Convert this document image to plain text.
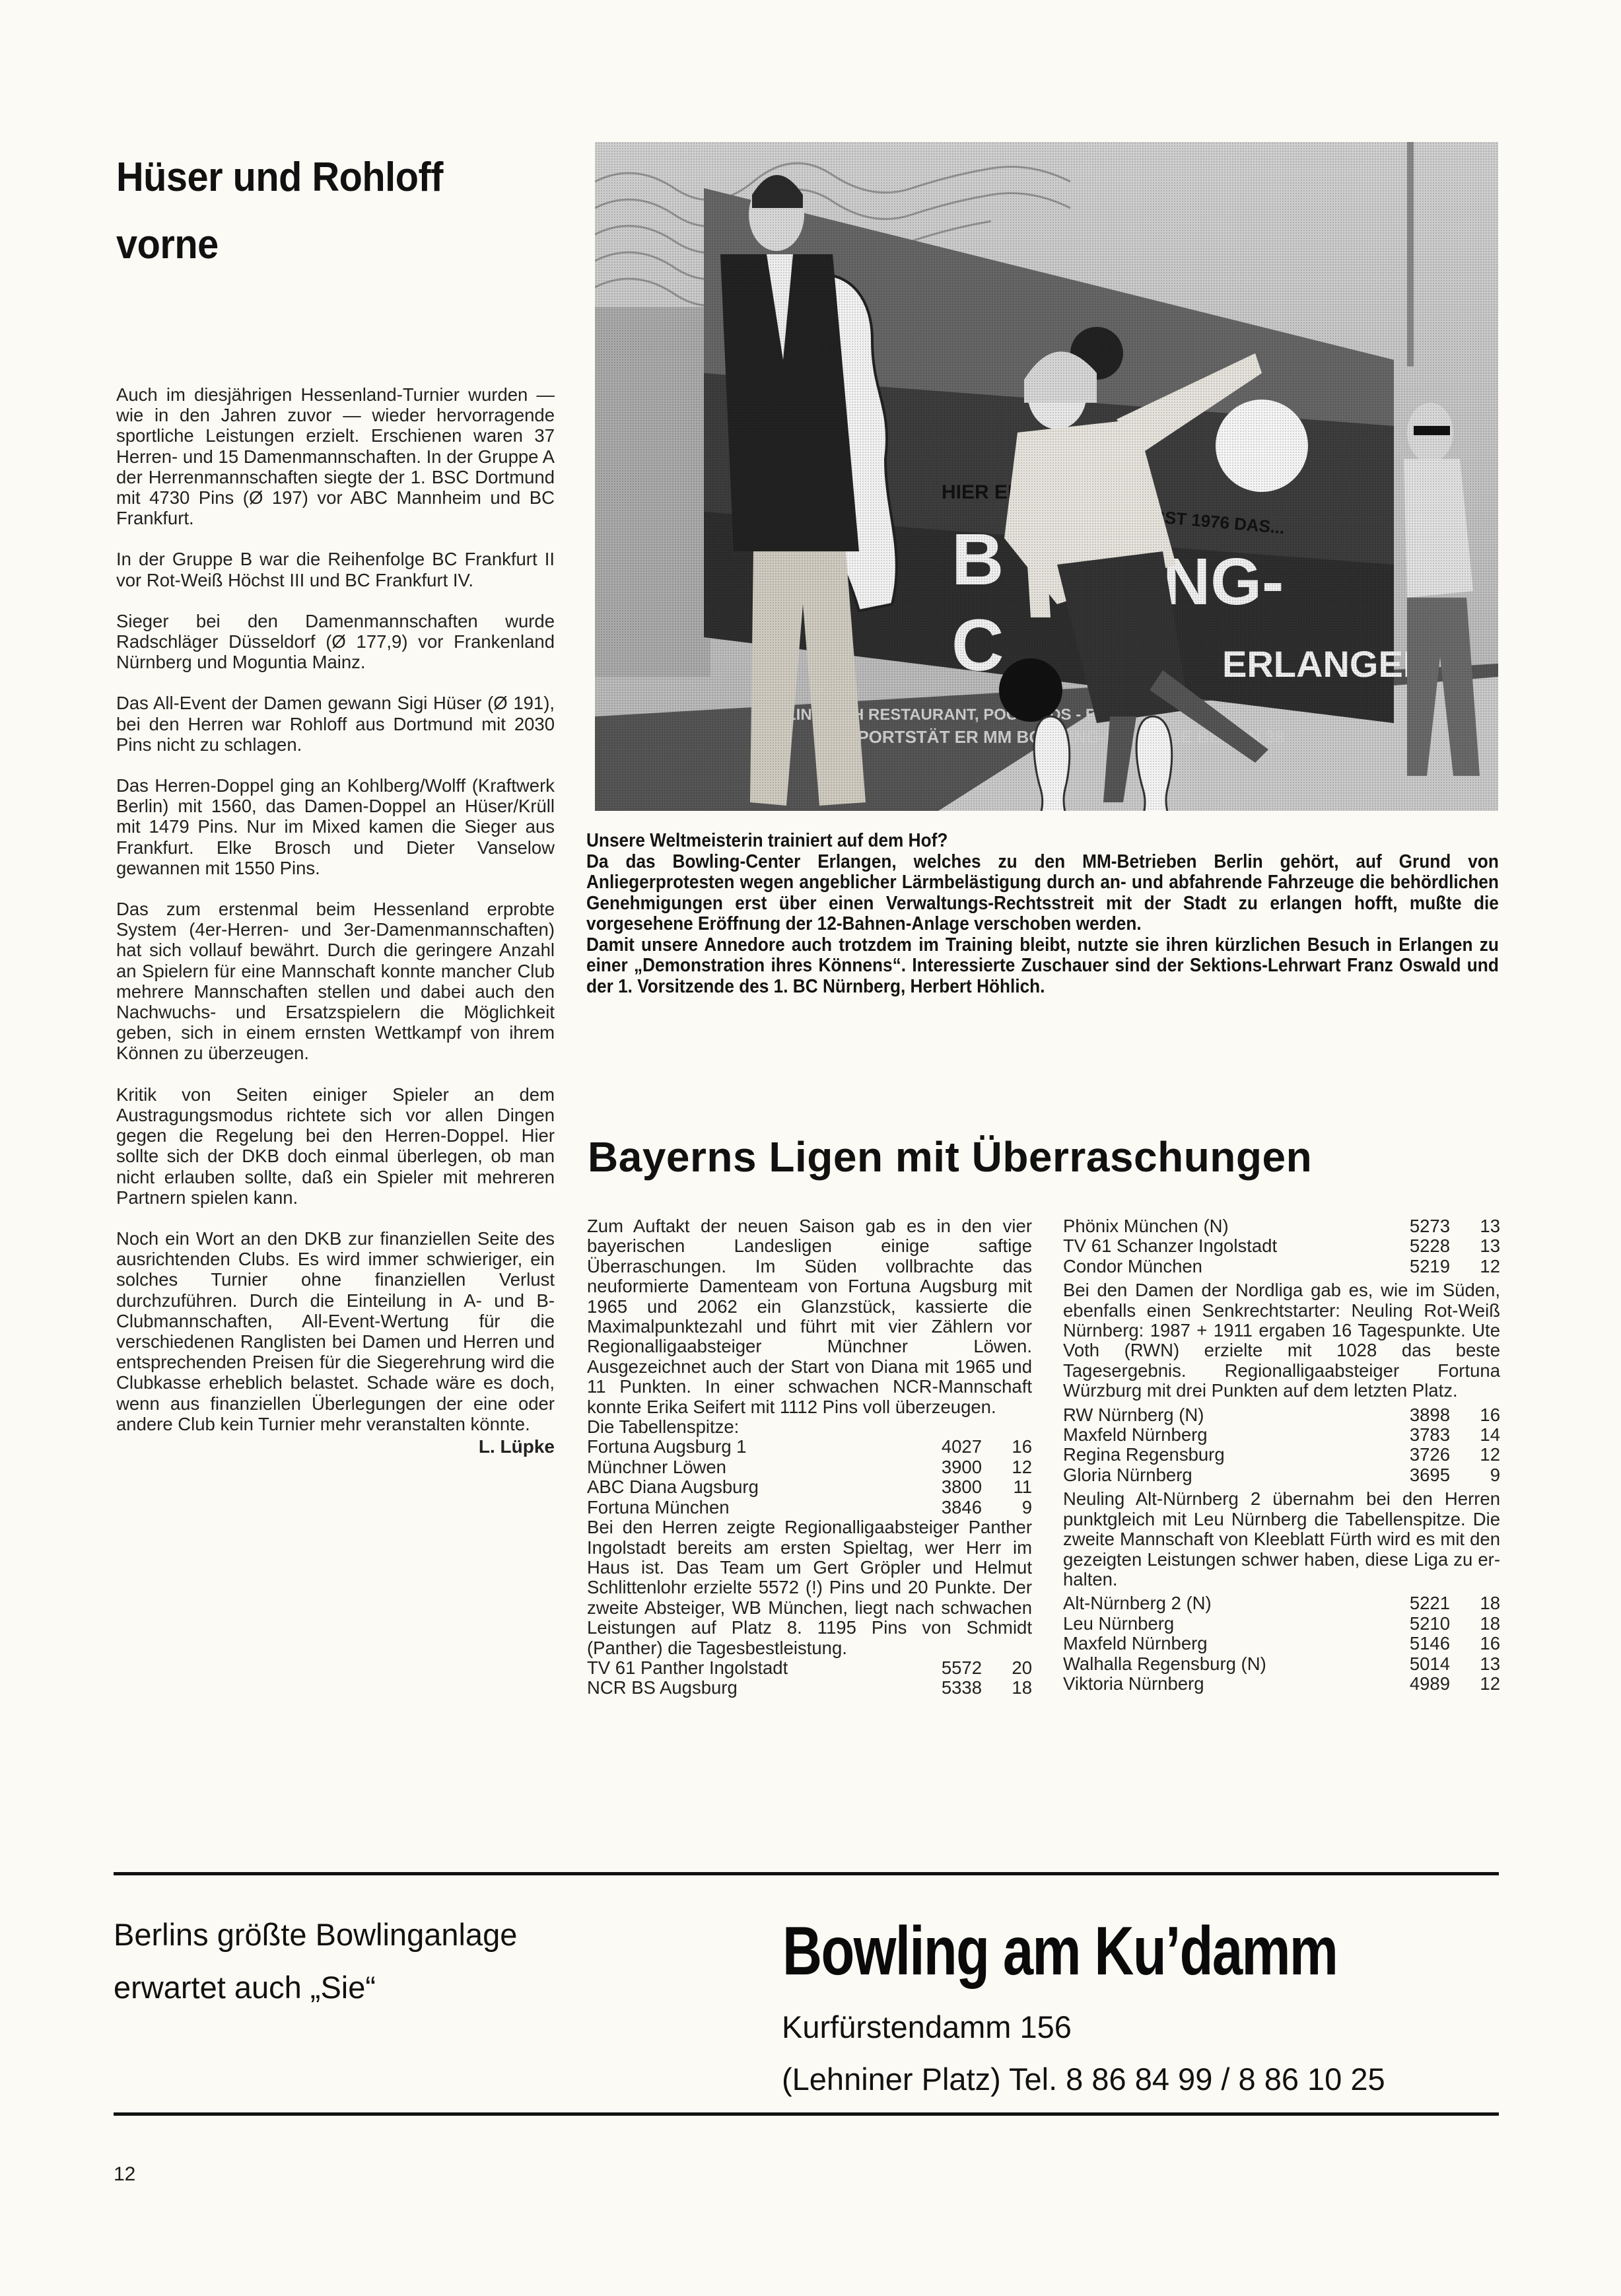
Hüser und Rohloff
vorne

Auch im diesjährigen Hessenland-Turnier wurden — wie in den Jahren zuvor — wieder hervorragende sportliche Leistungen erzielt. Erschienen waren 37 Herren- und 15 Damenmannschaften. In der Gruppe A der Herrenmannschaften siegte der 1. BSC Dortmund mit 4730 Pins (Ø 197) vor ABC Mannheim und BC Frankfurt.

In der Gruppe B war die Reihenfolge BC Frankfurt II vor Rot-Weiß Höchst III und BC Frankfurt IV.

Sieger bei den Damenmannschaften wurde Radschläger Düsseldorf (Ø 177,9) vor Frankenland Nürnberg und Moguntia Mainz.

Das All-Event der Damen gewann Sigi Hüser (Ø 191), bei den Herren war Rohloff aus Dortmund mit 2030 Pins nicht zu schlagen.

Das Herren-Doppel ging an Kohlberg/Wolff (Kraftwerk Berlin) mit 1560, das Damen-Doppel an Hüser/Krüll mit 1479 Pins. Nur im Mixed kamen die Sieger aus Frankfurt. Elke Brosch und Dieter Vanselow gewannen mit 1550 Pins.

Das zum erstenmal beim Hessenland erprobte System (4er-Herren- und 3er-Damenmannschaften) hat sich vollauf bewährt. Durch die geringere Anzahl an Spielern für eine Mannschaft konnte mancher Club mehrere Mannschaften stellen und dabei auch den Nachwuchs- und Ersatzspielern die Möglichkeit geben, sich in einem ernsten Wettkampf von ihrem Können zu überzeugen.

Kritik von Seiten einiger Spieler an dem Austragungsmodus richtete sich vor allen Dingen gegen die Regelung bei den Herren-Doppel. Hier sollte sich der DKB doch einmal überlegen, ob man nicht erlauben sollte, daß ein Spieler mit mehreren Partnern spielen kann.

Noch ein Wort an den DKB zur finanziellen Seite des ausrichtenden Clubs. Es wird immer schwieriger, ein solches Turnier ohne finanziellen Verlust durchzuführen. Durch die Einteilung in A- und B-Clubmannschaften, All-Event-Wertung für die verschiedenen Ranglisten bei Damen und Herren und entsprechenden Preisen für die Siegerehrung wird die Clubkasse erheblich belastet. Schade wäre es doch, wenn aus finanziellen Überlegungen der eine oder andere Club kein Turnier mehr veranstalten könnte.

L. Lüpke

Unsere Weltmeisterin trainiert auf dem Hof?

Da das Bowling-Center Erlangen, welches zu den MM-Betrieben Berlin gehört, auf Grund von Anliegerprotesten wegen angeblicher Lärmbelästigung durch an- und abfahrende Fahrzeuge die behördlichen Genehmigungen erst über einen Verwaltungs-Rechtsstreit mit der Stadt zu erlangen hofft, mußte die vorgesehene Eröffnung der 12-Bahnen-Anlage verschoben werden.

Damit unsere Annedore auch trotzdem im Training bleibt, nutzte sie ihren kürzlichen Besuch in Erlangen zu einer „Demonstration ihres Könnens“. Interessierte Zuschauer sind der Sektions-Lehrwart Franz Oswald und der 1. Vorsitzende des 1. BC Nürnberg, Herbert Höhlich.

Bayerns Ligen mit Überraschungen

Zum Auftakt der neuen Saison gab es in den vier bayerischen Landesligen einige saftige Überraschungen. Im Süden vollbrachte das neuformierte Damenteam von Fortuna Augsburg mit 1965 und 2062 ein Glanzstück, kassierte die Maximalpunktezahl und führt mit vier Zählern vor Regionalligaabsteiger Münchner Löwen. Ausgezeichnet auch der Start von Diana mit 1965 und 11 Punkten. In einer schwachen NCR-Mannschaft konnte Erika Seifert mit 1112 Pins voll überzeugen.

Die Tabellenspitze:

Fortuna Augsburg 1	4027	16
Münchner Löwen	3900	12
ABC Diana Augsburg	3800	11
Fortuna München	3846	9

Bei den Herren zeigte Regionalligaabsteiger Panther Ingolstadt bereits am ersten Spieltag, wer Herr im Haus ist. Das Team um Gert Gröpler und Helmut Schlittenlohr erzielte 5572 (!) Pins und 20 Punkte. Der zweite Absteiger, WB München, liegt nach schwachen Leistungen auf Platz 8. 1195 Pins von Schmidt (Panther) die Tagesbestleistung.

TV 61 Panther Ingolstadt	5572	20
NCR BS Augsburg	5338	18
Phönix München (N)	5273	13
TV 61 Schanzer Ingolstadt	5228	13
Condor München	5219	12

Bei den Damen der Nordliga gab es, wie im Süden, ebenfalls einen Senkrechtstarter: Neuling Rot-Weiß Nürnberg: 1987 + 1911 ergaben 16 Tagespunkte. Ute Voth (RWN) erzielte mit 1028 das beste Tagesergebnis. Regionalligaabsteiger Fortuna Würzburg mit drei Punkten auf dem letzten Platz.

RW Nürnberg (N)	3898	16
Maxfeld Nürnberg	3783	14
Regina Regensburg	3726	12
Gloria Nürnberg	3695	9

Neuling Alt-Nürnberg 2 übernahm bei den Herren punktgleich mit Leu Nürnberg die Tabellenspitze. Die zweite Mannschaft von Kleeblatt Fürth wird es mit den gezeigten Leistungen schwer haben, diese Liga zu erhalten.

Alt-Nürnberg 2 (N)	5221	18
Leu Nürnberg	5210	18
Maxfeld Nürnberg	5146	16
Walhalla Regensburg (N)	5014	13
Viktoria Nürnberg	4989	12
Berlins größte Bowlinganlage
erwartet auch „Sie“	Bowling am Ku’damm
Kurfürstendamm 156
(Lehniner Platz) Tel. 8 86 84 99 / 8 86 10 25
12
